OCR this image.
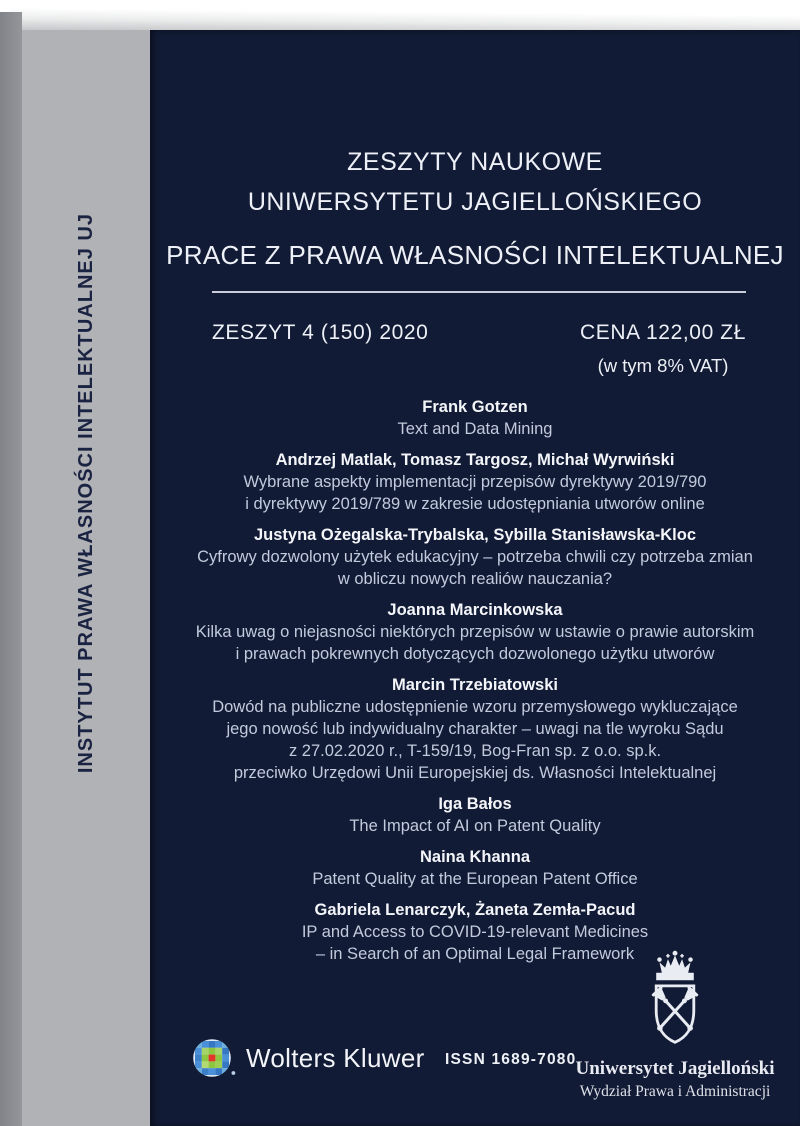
INSTYTUT PRAWA WŁASNOŚCI INTELEKTUALNEJ UJ
ZESZYTY NAUKOWE
UNIWERSYTETU JAGIELLOŃSKIEGO
PRACE Z PRAWA WŁASNOŚCI INTELEKTUALNEJ
ZESZYT 4 (150) 2020	CENA 122,00 ZŁ
(w tym 8% VAT)
Frank Gotzen
Text and Data Mining
Andrzej Matlak, Tomasz Targosz, Michał Wyrwiński
Wybrane aspekty implementacji przepisów dyrektywy 2019/790
i dyrektywy 2019/789 w zakresie udostępniania utworów online
Justyna Ożegalska-Trybalska, Sybilla Stanisławska-Kloc
Cyfrowy dozwolony użytek edukacyjny – potrzeba chwili czy potrzeba zmian
w obliczu nowych realiów nauczania?
Joanna Marcinkowska
Kilka uwag o niejasności niektórych przepisów w ustawie o prawie autorskim
i prawach pokrewnych dotyczących dozwolonego użytku utworów
Marcin Trzebiatowski
Dowód na publiczne udostępnienie wzoru przemysłowego wykluczające
jego nowość lub indywidualny charakter – uwagi na tle wyroku Sądu
z 27.02.2020 r., T-159/19, Bog-Fran sp. z o.o. sp.k.
przeciwko Urzędowi Unii Europejskiej ds. Własności Intelektualnej
Iga Bałos
The Impact of AI on Patent Quality
Naina Khanna
Patent Quality at the European Patent Office
Gabriela Lenarczyk, Żaneta Zemła-Pacud
IP and Access to COVID-19-relevant Medicines
– in Search of an Optimal Legal Framework
Uniwersytet Jagielloński
Wydział Prawa i Administracji
Wolters Kluwer ISSN 1689-7080
